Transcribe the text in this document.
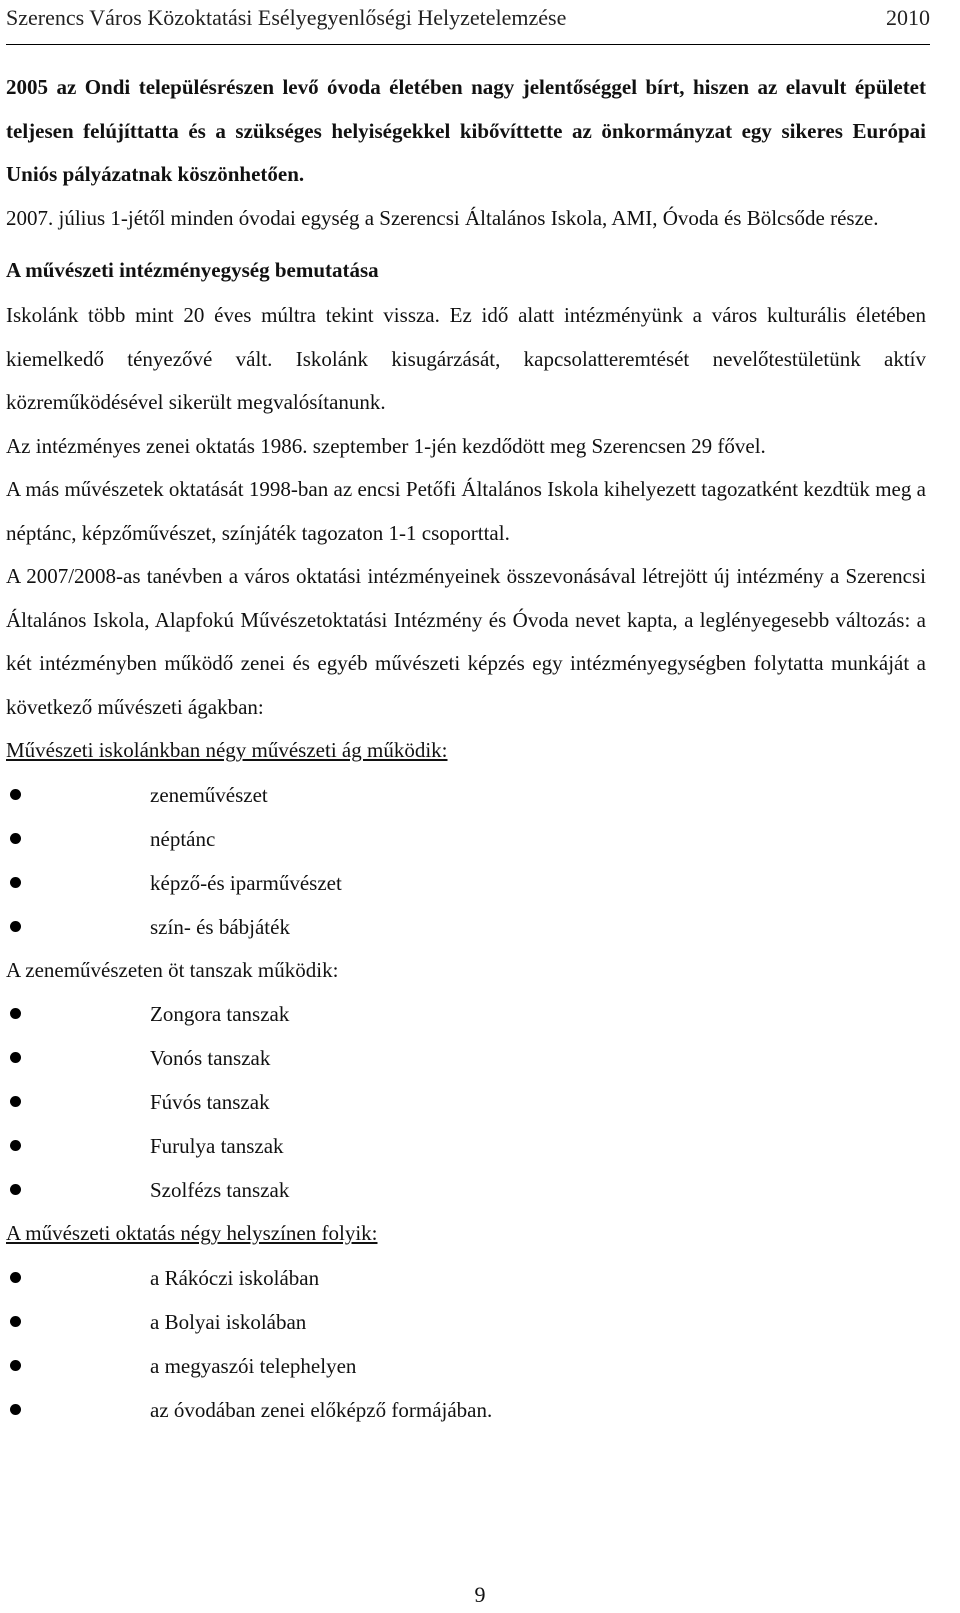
Szerencs Város Közoktatási Esélyegyenlőségi Helyzetelemzése	2010

2005 az Ondi településrészen levő óvoda életében nagy jelentőséggel bírt, hiszen az elavult épületet teljesen felújíttatta és a szükséges helyiségekkel kibővíttette az önkormányzat egy sikeres Európai Uniós pályázatnak köszönhetően.

2007. július 1-jétől minden óvodai egység a Szerencsi Általános Iskola, AMI, Óvoda és Bölcsőde része.

A művészeti intézményegység bemutatása

Iskolánk több mint 20 éves múltra tekint vissza. Ez idő alatt intézményünk a város kulturális életében kiemelkedő tényezővé vált. Iskolánk kisugárzását, kapcsolatteremtését nevelőtestületünk aktív közreműködésével sikerült megvalósítanunk.

Az intézményes zenei oktatás 1986. szeptember 1-jén kezdődött meg Szerencsen 29 fővel.

A más művészetek oktatását 1998-ban az encsi Petőfi Általános Iskola kihelyezett tagozatként kezdtük meg a néptánc, képzőművészet, színjáték tagozaton 1-1 csoporttal.

A 2007/2008-as tanévben a város oktatási intézményeinek összevonásával létrejött új intézmény a Szerencsi Általános Iskola, Alapfokú Művészetoktatási Intézmény és Óvoda nevet kapta, a leglényegesebb változás: a két intézményben működő zenei és egyéb művészeti képzés egy intézményegységben folytatta munkáját a következő művészeti ágakban:

Művészeti iskolánkban négy művészeti ág működik:

zeneművészet
néptánc
képző-és iparművészet
szín- és bábjáték

A zeneművészeten öt tanszak működik:

Zongora tanszak
Vonós tanszak
Fúvós tanszak
Furulya tanszak
Szolfézs tanszak

A művészeti oktatás négy helyszínen folyik:

a Rákóczi iskolában
a Bolyai iskolában
a megyaszói telephelyen
az óvodában zenei előképző formájában.
9
